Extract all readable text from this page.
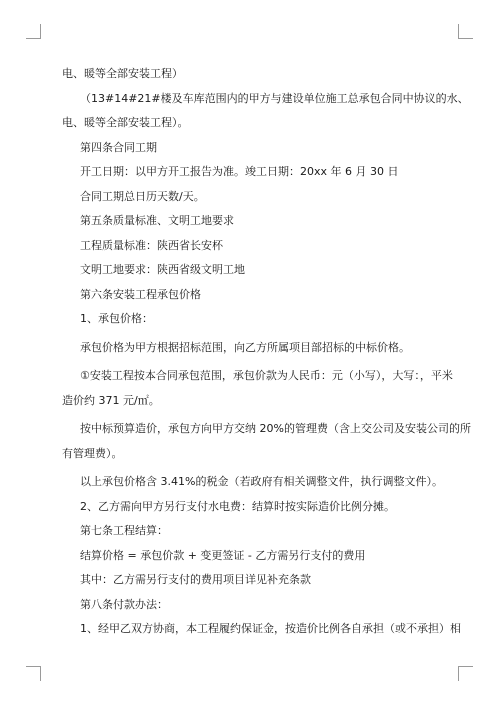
电、暖等全部安装工程）
（13#14#21#楼及车库范围内的甲方与建设单位施工总承包合同中协议的水、
电、暖等全部安装工程）。
第四条合同工期
开工日期：以甲方开工报告为准。竣工日期：20xx 年 6 月 30 日
合同工期总日历天数/天。
第五条质量标准、文明工地要求
工程质量标准：陕西省长安杯
文明工地要求：陕西省级文明工地
第六条安装工程承包价格
1、承包价格：
承包价格为甲方根据招标范围，向乙方所属项目部招标的中标价格。
①安装工程按本合同承包范围，承包价款为人民币：元（小写），大写：，平米
造价约 371 元/㎡。
按中标预算造价，承包方向甲方交纳 20%的管理费（含上交公司及安装公司的所
有管理费）。
以上承包价格含 3.41%的税金（若政府有相关调整文件，执行调整文件）。
2、乙方需向甲方另行支付水电费：结算时按实际造价比例分摊。
第七条工程结算：
结算价格 = 承包价款 + 变更签证 - 乙方需另行支付的费用
其中：乙方需另行支付的费用项目详见补充条款
第八条付款办法：
1、经甲乙双方协商，本工程履约保证金，按造价比例各自承担（或不承担）相
